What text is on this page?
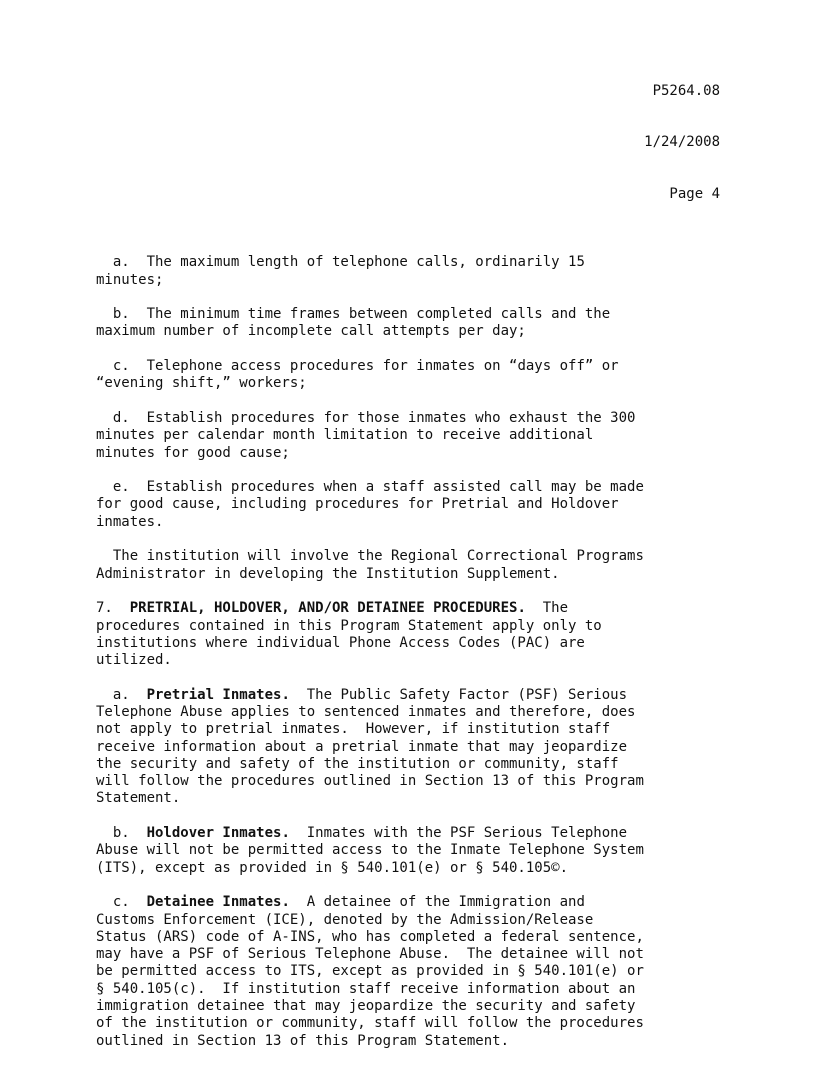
P5264.08

1/24/2008

Page 4

a.  The maximum length of telephone calls, ordinarily 15
minutes;

b.  The minimum time frames between completed calls and the
maximum number of incomplete call attempts per day;

c.  Telephone access procedures for inmates on “days off” or
“evening shift,” workers;

d.  Establish procedures for those inmates who exhaust the 300
minutes per calendar month limitation to receive additional
minutes for good cause;

e.  Establish procedures when a staff assisted call may be made
for good cause, including procedures for Pretrial and Holdover
inmates.

The institution will involve the Regional Correctional Programs
Administrator in developing the Institution Supplement.

7.  PRETRIAL, HOLDOVER, AND/OR DETAINEE PROCEDURES.  The
procedures contained in this Program Statement apply only to
institutions where individual Phone Access Codes (PAC) are
utilized.

a.  Pretrial Inmates.  The Public Safety Factor (PSF) Serious
Telephone Abuse applies to sentenced inmates and therefore, does
not apply to pretrial inmates.  However, if institution staff
receive information about a pretrial inmate that may jeopardize
the security and safety of the institution or community, staff
will follow the procedures outlined in Section 13 of this Program
Statement.

b.  Holdover Inmates.  Inmates with the PSF Serious Telephone
Abuse will not be permitted access to the Inmate Telephone System
(ITS), except as provided in § 540.101(e) or § 540.105©.

c.  Detainee Inmates.  A detainee of the Immigration and
Customs Enforcement (ICE), denoted by the Admission/Release
Status (ARS) code of A-INS, who has completed a federal sentence,
may have a PSF of Serious Telephone Abuse.  The detainee will not
be permitted access to ITS, except as provided in § 540.101(e) or
§ 540.105(c).  If institution staff receive information about an
immigration detainee that may jeopardize the security and safety
of the institution or community, staff will follow the procedures
outlined in Section 13 of this Program Statement.
